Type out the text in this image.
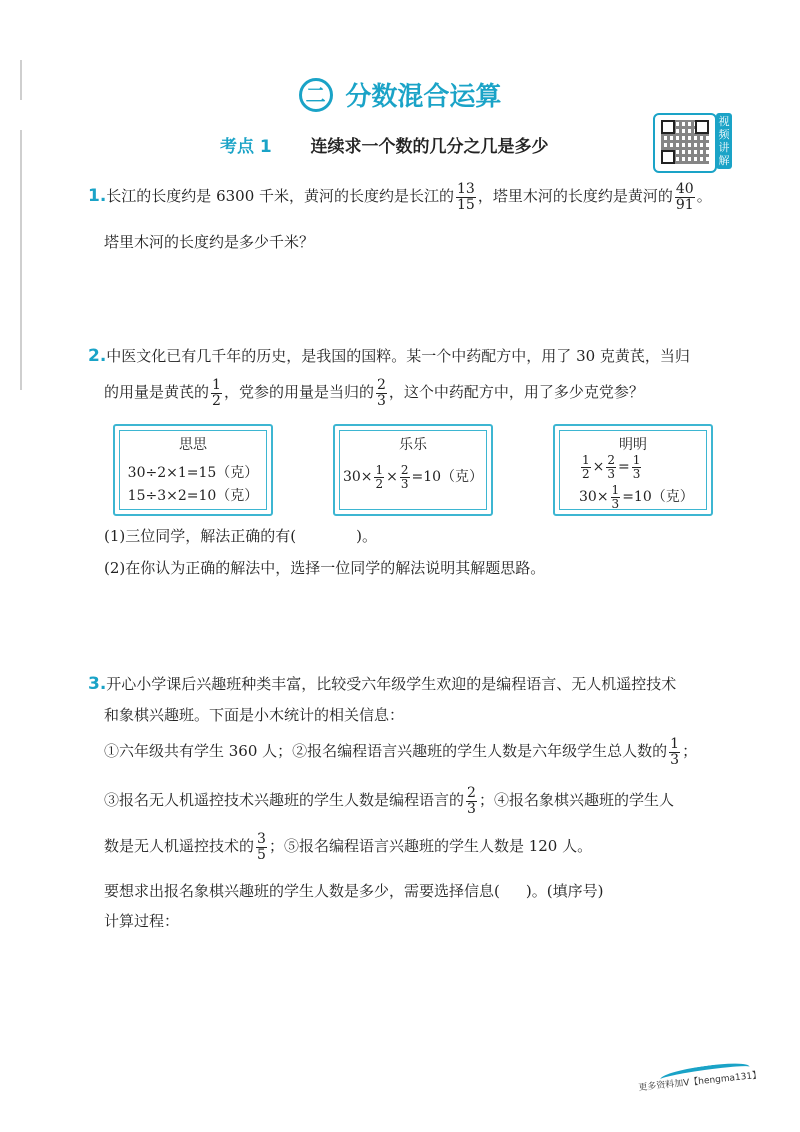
二 分数混合运算
考点 1 连续求一个数的几分之几是多少
视频讲解
1.长江的长度约是 6300 千米，黄河的长度约是长江的 $\frac{13}{15}$ ，塔里木河的长度约是黄河的 $\frac{40}{91}$ 。
塔里木河的长度约是多少千米？
2.中医文化已有几千年的历史，是我国的国粹。某一个中药配方中，用了 30 克黄芪，当归
的用量是黄芪的 $\frac{1}{2}$ ，党参的用量是当归的 $\frac{2}{3}$ ，这个中药配方中，用了多少克党参？
思思
30÷2×1=15（克）
15÷3×2=10（克）
乐乐
$30\times \frac{1}{2} \times \frac{2}{3} =10$（克）
明明
$\frac{1}{2} \times \frac{2}{3} = \frac{1}{3}$
$30\times \frac{1}{3} =10$（克）
(1)三位同学，解法正确的有(	)。
(2)在你认为正确的解法中，选择一位同学的解法说明其解题思路。
3.开心小学课后兴趣班种类丰富，比较受六年级学生欢迎的是编程语言、无人机遥控技术
和象棋兴趣班。下面是小木统计的相关信息：
①六年级共有学生 360 人；②报名编程语言兴趣班的学生人数是六年级学生总人数的 $\frac{1}{3}$ ；
③报名无人机遥控技术兴趣班的学生人数是编程语言的 $\frac{2}{3}$ ；④报名象棋兴趣班的学生人
数是无人机遥控技术的 $\frac{3}{5}$ ；⑤报名编程语言兴趣班的学生人数是 120 人。
要想求出报名象棋兴趣班的学生人数是多少，需要选择信息( )。(填序号)
计算过程：
更多资料加V【hengma131】
